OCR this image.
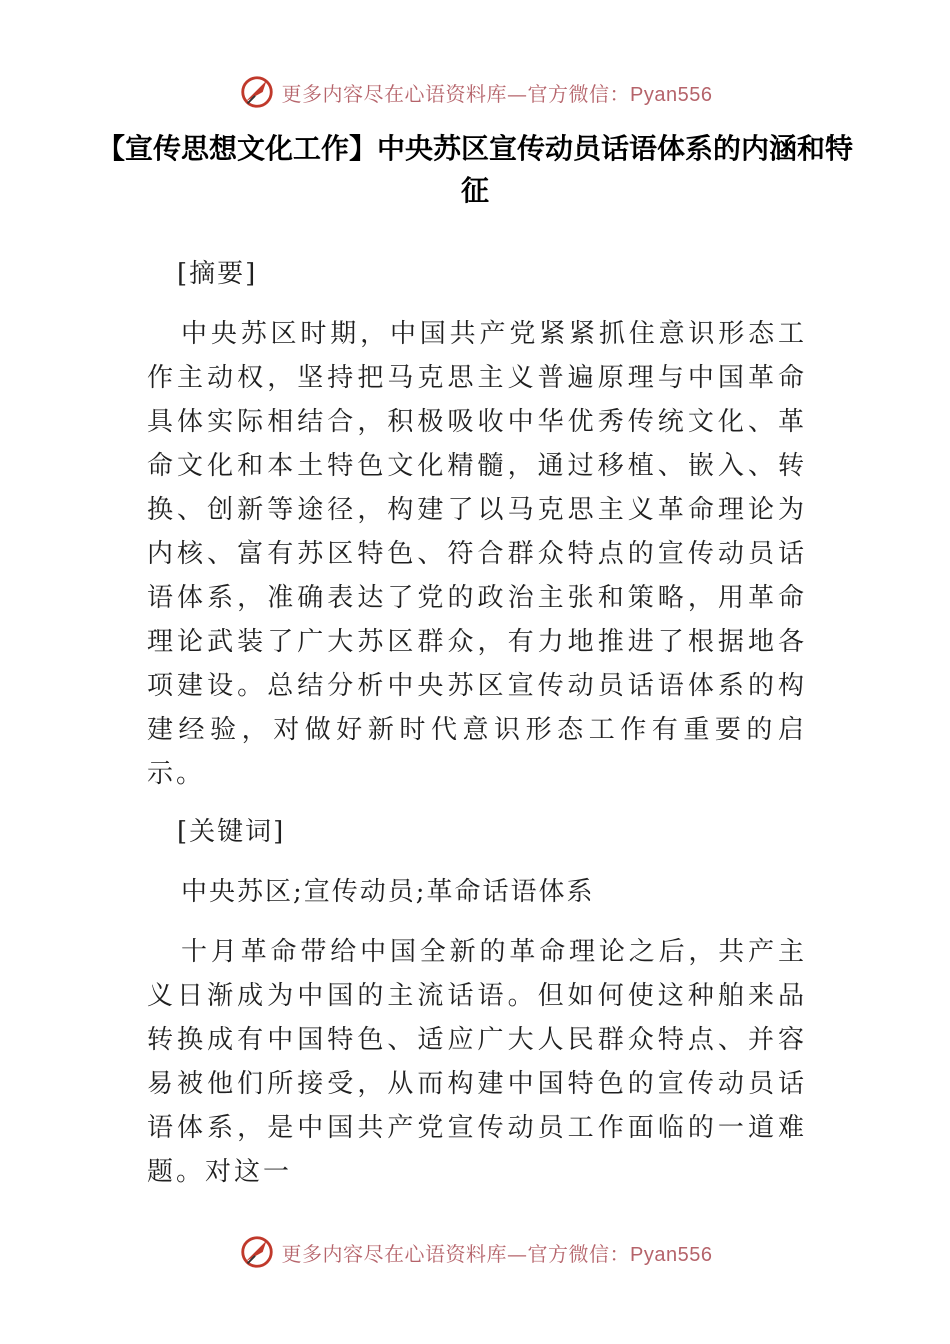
更多内容尽在心语资料库—官方微信：Pyan556
【宣传思想文化工作】中央苏区宣传动员话语体系的内涵和特征

[摘要]

中央苏区时期，中国共产党紧紧抓住意识形态工作主动权，坚持把马克思主义普遍原理与中国革命具体实际相结合，积极吸收中华优秀传统文化、革命文化和本土特色文化精髓，通过移植、嵌入、转换、创新等途径，构建了以马克思主义革命理论为内核、富有苏区特色、符合群众特点的宣传动员话语体系，准确表达了党的政治主张和策略，用革命理论武装了广大苏区群众，有力地推进了根据地各项建设。总结分析中央苏区宣传动员话语体系的构建经验，对做好新时代意识形态工作有重要的启示。

[关键词]

中央苏区;宣传动员;革命话语体系

十月革命带给中国全新的革命理论之后，共产主义日渐成为中国的主流话语。但如何使这种舶来品转换成有中国特色、适应广大人民群众特点、并容易被他们所接受，从而构建中国特色的宣传动员话语体系，是中国共产党宣传动员工作面临的一道难题。对这一

更多内容尽在心语资料库—官方微信：Pyan556
